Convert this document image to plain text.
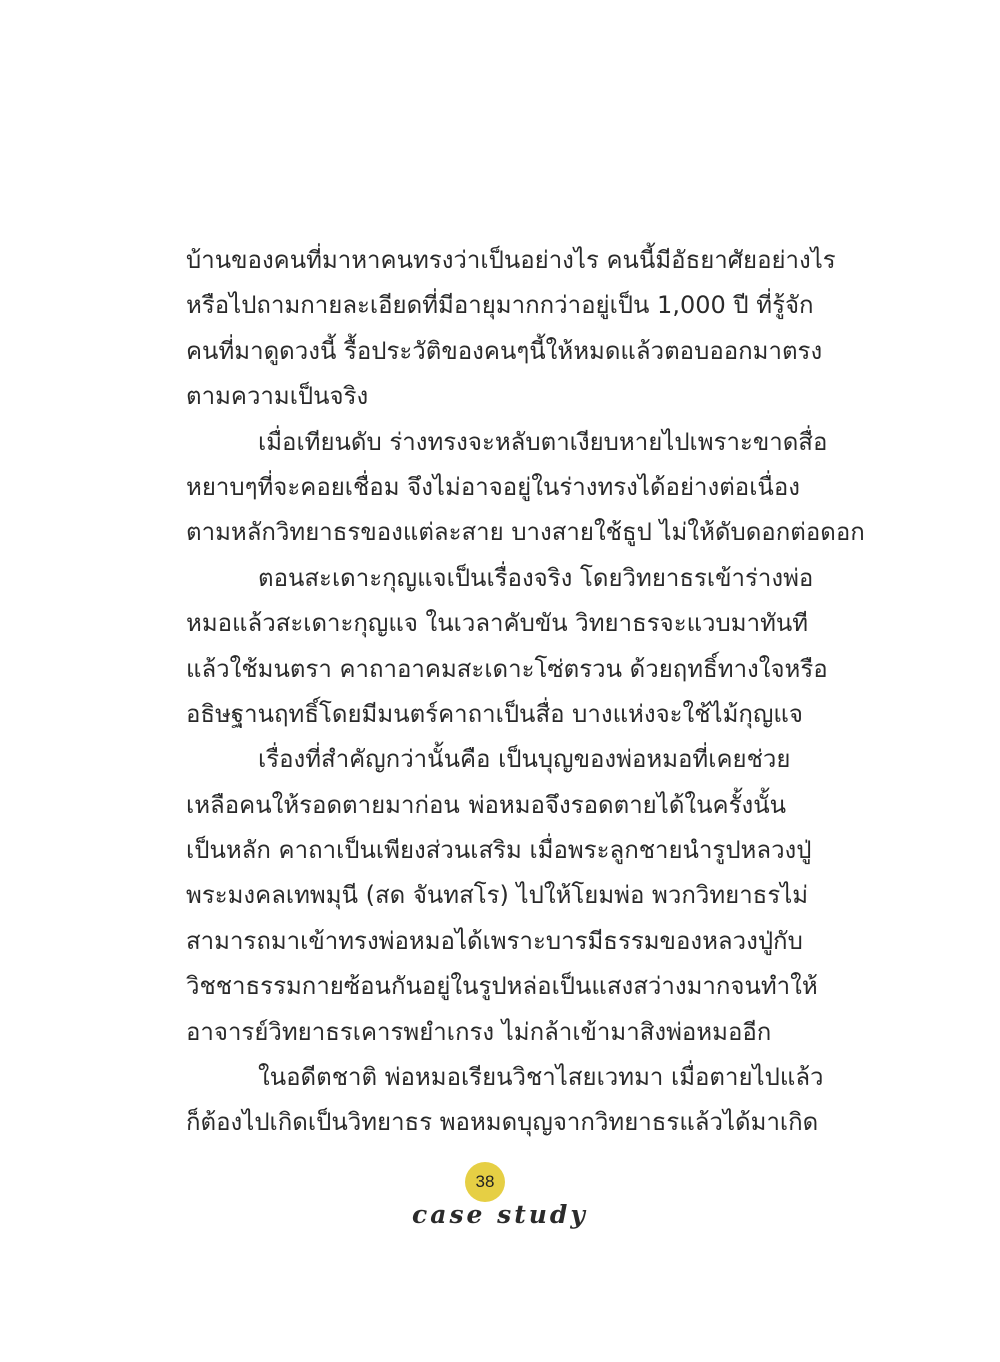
บ้านของคนที่มาหาคนทรงว่าเป็นอย่างไร คนนี้มีอัธยาศัยอย่างไร
หรือไปถามกายละเอียดที่มีอายุมากกว่าอยู่เป็น 1,000 ปี ที่รู้จัก
คนที่มาดูดวงนี้ รื้อประวัติของคนๆนี้ให้หมดแล้วตอบออกมาตรง
ตามความเป็นจริง
เมื่อเทียนดับ ร่างทรงจะหลับตาเงียบหายไปเพราะขาดสื่อ
หยาบๆที่จะคอยเชื่อม จึงไม่อาจอยู่ในร่างทรงได้อย่างต่อเนื่อง
ตามหลักวิทยาธรของแต่ละสาย บางสายใช้ธูป ไม่ให้ดับดอกต่อดอก
ตอนสะเดาะกุญแจเป็นเรื่องจริง โดยวิทยาธรเข้าร่างพ่อ
หมอแล้วสะเดาะกุญแจ ในเวลาคับขัน วิทยาธรจะแวบมาทันที
แล้วใช้มนตรา คาถาอาคมสะเดาะโซ่ตรวน ด้วยฤทธิ์ทางใจหรือ
อธิษฐานฤทธิ์โดยมีมนตร์คาถาเป็นสื่อ บางแห่งจะใช้ไม้กุญแจ
เรื่องที่สำคัญกว่านั้นคือ เป็นบุญของพ่อหมอที่เคยช่วย
เหลือคนให้รอดตายมาก่อน พ่อหมอจึงรอดตายได้ในครั้งนั้น
เป็นหลัก คาถาเป็นเพียงส่วนเสริม เมื่อพระลูกชายนำรูปหลวงปู่
พระมงคลเทพมุนี (สด จันทสโร) ไปให้โยมพ่อ พวกวิทยาธรไม่
สามารถมาเข้าทรงพ่อหมอได้เพราะบารมีธรรมของหลวงปู่กับ
วิชชาธรรมกายซ้อนกันอยู่ในรูปหล่อเป็นแสงสว่างมากจนทำให้
อาจารย์วิทยาธรเคารพยำเกรง ไม่กล้าเข้ามาสิงพ่อหมออีก
ในอดีตชาติ พ่อหมอเรียนวิชาไสยเวทมา เมื่อตายไปแล้ว
ก็ต้องไปเกิดเป็นวิทยาธร พอหมดบุญจากวิทยาธรแล้วได้มาเกิด
38
case study
